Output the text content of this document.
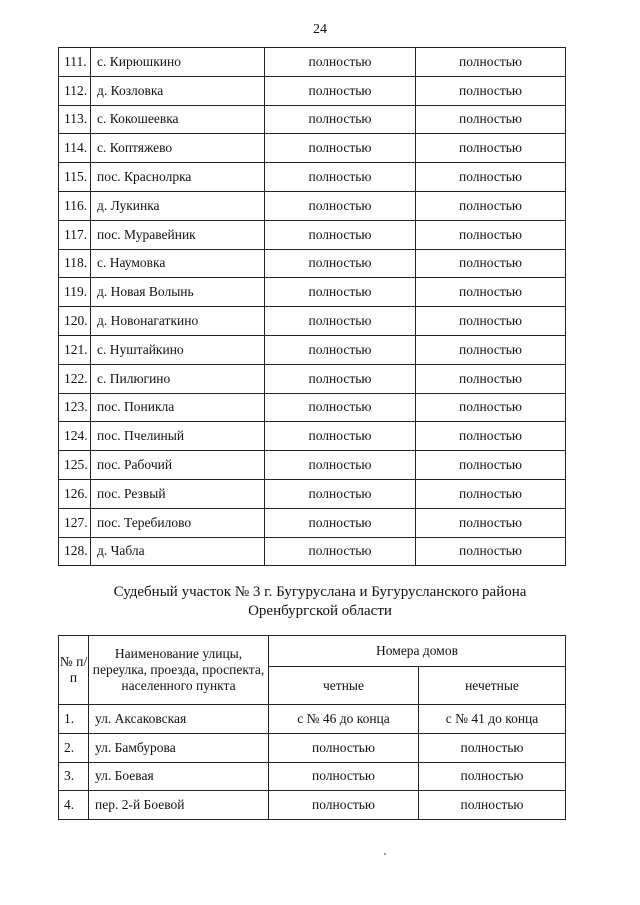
24
111.	с. Кирюшкино	полностью	полностью
112.	д. Козловка	полностью	полностью
113.	с. Кокошеевка	полностью	полностью
114.	с. Коптяжево	полностью	полностью
115.	пос. Краснолрка	полностью	полностью
116.	д. Лукинка	полностью	полностью
117.	пос. Муравейник	полностью	полностью
118.	с. Наумовка	полностью	полностью
119.	д. Новая Волынь	полностью	полностью
120.	д. Новонагаткино	полностью	полностью
121.	с. Нуштайкино	полностью	полностью
122.	с. Пилюгино	полностью	полностью
123.	пос. Поникла	полностью	полностью
124.	пос. Пчелиный	полностью	полностью
125.	пос. Рабочий	полностью	полностью
126.	пос. Резвый	полностью	полностью
127.	пос. Теребилово	полностью	полностью
128.	д. Чабла	полностью	полностью
Судебный участок № 3 г. Бугуруслана и Бугурусланского района
Оренбургской области
№ п/п	Наименование улицы, переулка, проезда, проспекта, населенного пункта	Номера домов	
		четные	нечетные
1.	ул. Аксаковская	с № 46 до конца	с № 41 до конца
2.	ул. Бамбурова	полностью	полностью
3.	ул. Боевая	полностью	полностью
4.	пер. 2-й Боевой	полностью	полностью
